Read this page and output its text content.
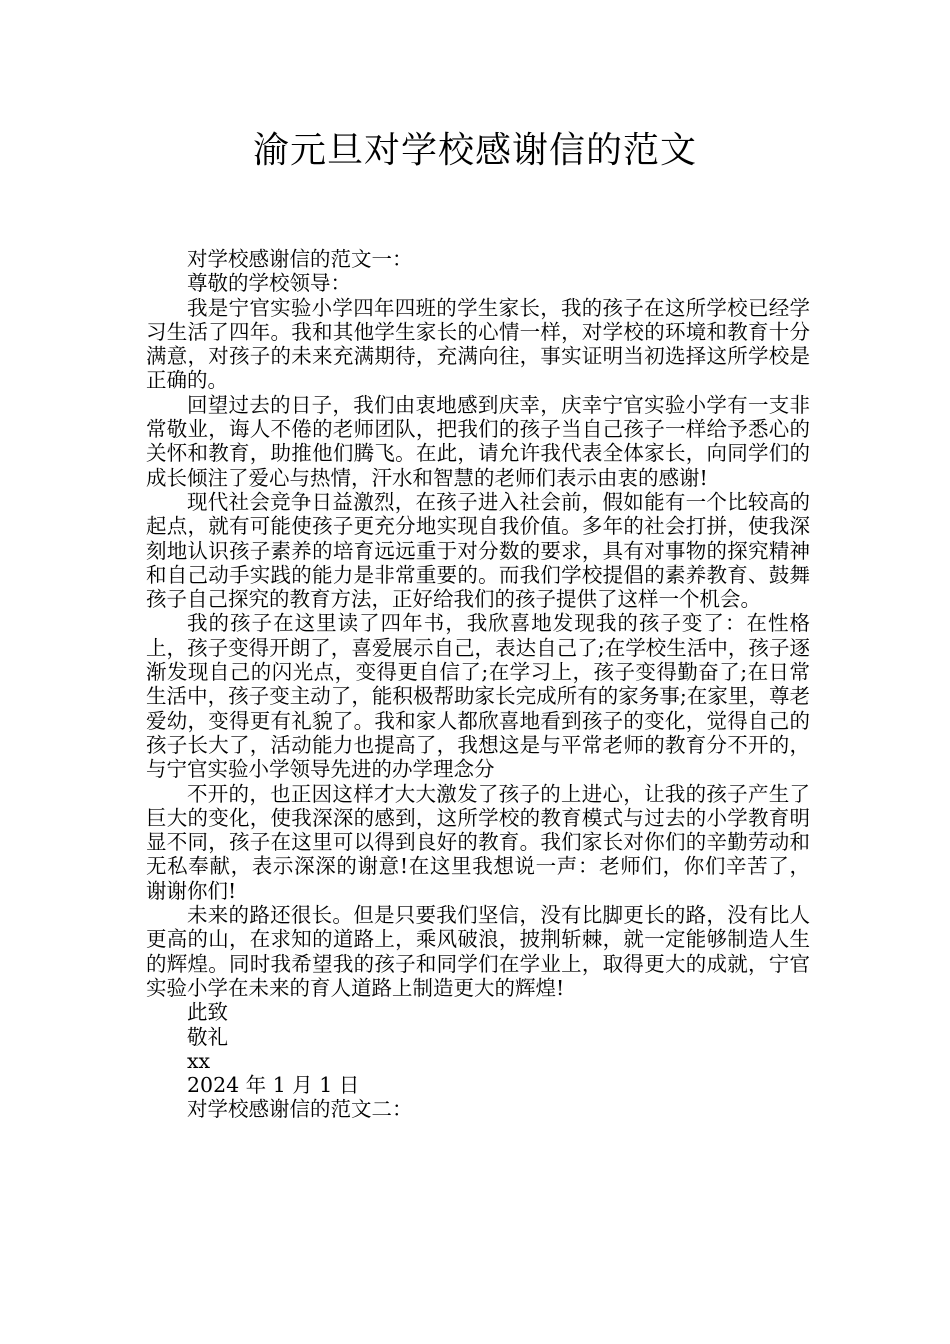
渝元旦对学校感谢信的范文

对学校感谢信的范文一：

尊敬的学校领导：

我是宁官实验小学四年四班的学生家长，我的孩子在这所学校已经学习生活了四年。我和其他学生家长的心情一样，对学校的环境和教育十分满意，对孩子的未来充满期待，充满向往，事实证明当初选择这所学校是正确的。

回望过去的日子，我们由衷地感到庆幸，庆幸宁官实验小学有一支非常敬业，诲人不倦的老师团队，把我们的孩子当自己孩子一样给予悉心的关怀和教育，助推他们腾飞。在此，请允许我代表全体家长，向同学们的成长倾注了爱心与热情，汗水和智慧的老师们表示由衷的感谢!

现代社会竞争日益激烈，在孩子进入社会前，假如能有一个比较高的起点，就有可能使孩子更充分地实现自我价值。多年的社会打拼，使我深刻地认识孩子素养的培育远远重于对分数的要求，具有对事物的探究精神和自己动手实践的能力是非常重要的。而我们学校提倡的素养教育、鼓舞孩子自己探究的教育方法，正好给我们的孩子提供了这样一个机会。

我的孩子在这里读了四年书，我欣喜地发现我的孩子变了：在性格上，孩子变得开朗了，喜爱展示自己，表达自己了;在学校生活中，孩子逐渐发现自己的闪光点，变得更自信了;在学习上，孩子变得勤奋了;在日常生活中，孩子变主动了，能积极帮助家长完成所有的家务事;在家里，尊老爱幼，变得更有礼貌了。我和家人都欣喜地看到孩子的变化，觉得自己的孩子长大了，活动能力也提高了，我想这是与平常老师的教育分不开的，与宁官实验小学领导先进的办学理念分

不开的，也正因这样才大大激发了孩子的上进心，让我的孩子产生了巨大的变化，使我深深的感到，这所学校的教育模式与过去的小学教育明显不同，孩子在这里可以得到良好的教育。我们家长对你们的辛勤劳动和无私奉献，表示深深的谢意!在这里我想说一声：老师们，你们辛苦了，谢谢你们!

未来的路还很长。但是只要我们坚信，没有比脚更长的路，没有比人更高的山，在求知的道路上，乘风破浪，披荆斩棘，就一定能够制造人生的辉煌。同时我希望我的孩子和同学们在学业上，取得更大的成就，宁官实验小学在未来的育人道路上制造更大的辉煌!

此致

敬礼

xx

2024 年 1 月 1 日

对学校感谢信的范文二：
